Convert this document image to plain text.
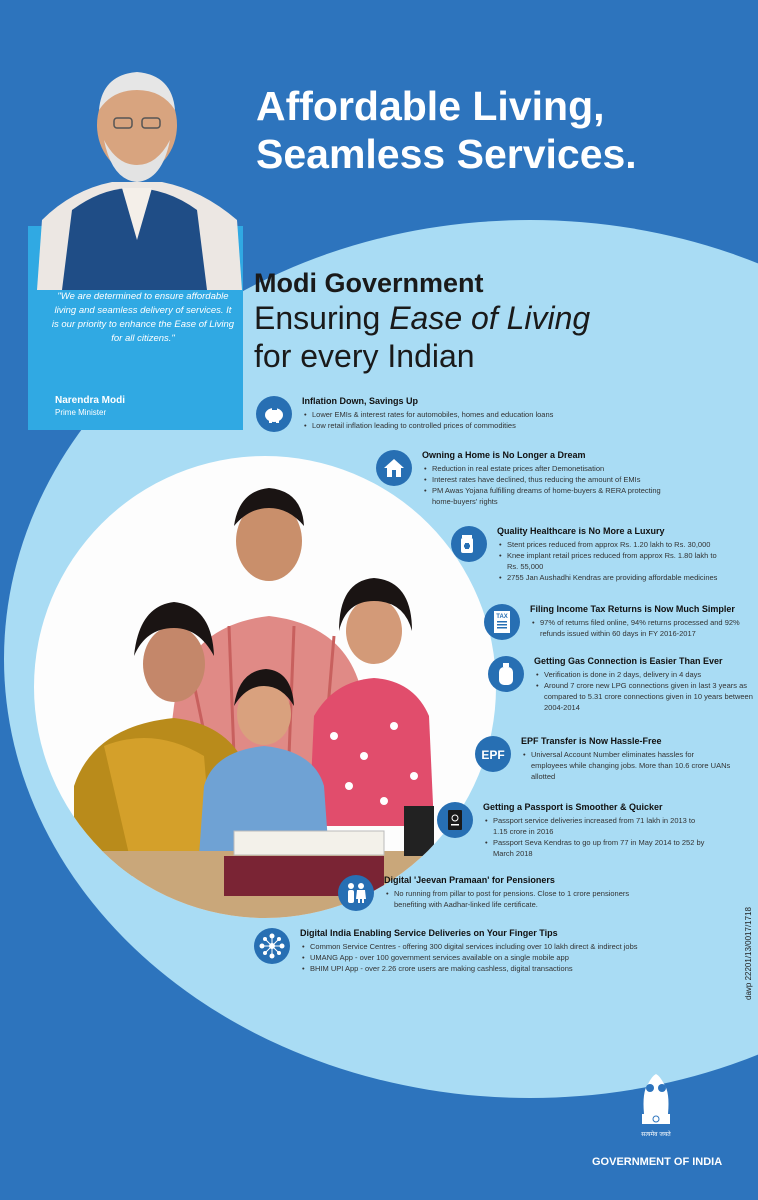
Affordable Living,
Seamless Services.
Modi Government
Ensuring Ease of Living
for every Indian

"We are determined to ensure affordable living and seamless delivery of services. It is our priority to enhance the Ease of Living for all citizens."

Narendra Modi
Prime Minister
Inflation Down, Savings Up
• Lower EMIs & interest rates for automobiles, homes and education loans
• Low retail inflation leading to controlled prices of commodities
Owning a Home is No Longer a Dream
• Reduction in real estate prices after Demonetisation
• Interest rates have declined, thus reducing the amount of EMIs
• PM Awas Yojana fulfilling dreams of home-buyers & RERA protecting home-buyers' rights
Quality Healthcare is No More a Luxury
• Stent prices reduced from approx Rs. 1.20 lakh to Rs. 30,000
• Knee implant retail prices reduced from approx Rs. 1.80 lakh to Rs. 55,000
• 2755 Jan Aushadhi Kendras are providing affordable medicines
TAX
Filing Income Tax Returns is Now Much Simpler
• 97% of returns filed online, 94% returns processed and 92% refunds issued within 60 days in FY 2016-2017
Getting Gas Connection is Easier Than Ever
• Verification is done in 2 days, delivery in 4 days
• Around 7 crore new LPG connections given in last 3 years as compared to 5.31 crore connections given in 10 years between 2004-2014
EPF
EPF Transfer is Now Hassle-Free
• Universal Account Number eliminates hassles for employees while changing jobs. More than 10.6 crore UANs allotted
Getting a Passport is Smoother & Quicker
• Passport service deliveries increased from 71 lakh in 2013 to 1.15 crore in 2016
• Passport Seva Kendras to go up from 77 in May 2014 to 252 by March 2018
Digital 'Jeevan Pramaan' for Pensioners
• No running from pillar to post for pensions. Close to 1 crore pensioners benefiting with Aadhar-linked life certificate.
Digital India Enabling Service Deliveries on Your Finger Tips
• Common Service Centres - offering 300 digital services including over 10 lakh direct & indirect jobs
• UMANG App - over 100 government services available on a single mobile app
• BHIM UPI App - over 2.26 crore users are making cashless, digital transactions
सत्यमेव जयते
GOVERNMENT OF INDIA
davp 22201/13/0017/1718
